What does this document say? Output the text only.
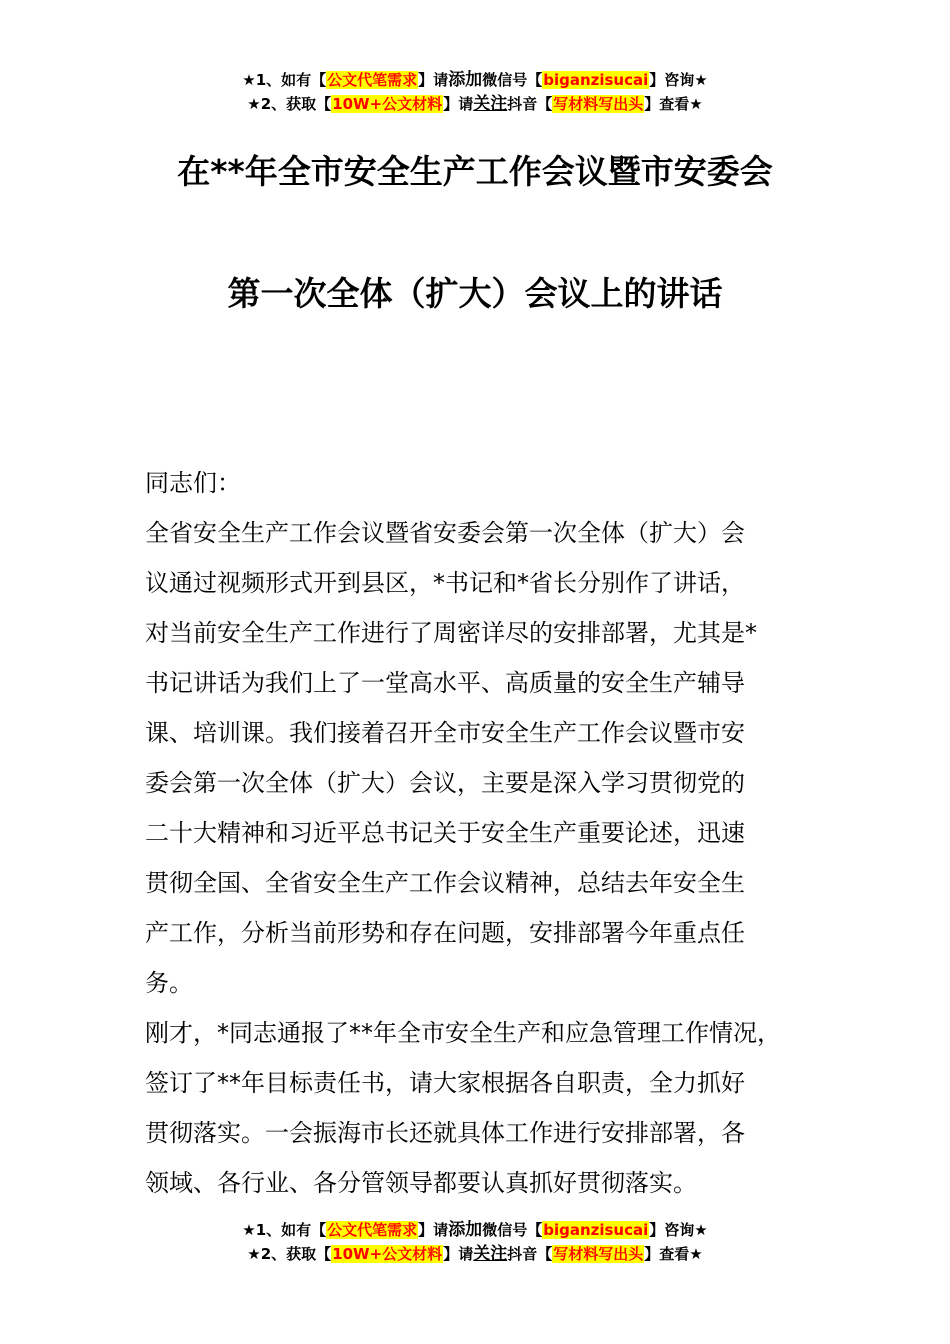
★1、如有【公文代笔需求】请添加微信号【biganzisucai】咨询★
★2、获取【10W+公文材料】请关注抖音【写材料写出头】查看★
在**年全市安全生产工作会议暨市安委会
第一次全体（扩大）会议上的讲话
同志们：
全省安全生产工作会议暨省安委会第一次全体（扩大）会
议通过视频形式开到县区，*书记和*省长分别作了讲话，
对当前安全生产工作进行了周密详尽的安排部署，尤其是*
书记讲话为我们上了一堂高水平、高质量的安全生产辅导
课、培训课。我们接着召开全市安全生产工作会议暨市安
委会第一次全体（扩大）会议，主要是深入学习贯彻党的
二十大精神和习近平总书记关于安全生产重要论述，迅速
贯彻全国、全省安全生产工作会议精神，总结去年安全生
产工作，分析当前形势和存在问题，安排部署今年重点任
务。
刚才，*同志通报了**年全市安全生产和应急管理工作情况，
签订了**年目标责任书，请大家根据各自职责，全力抓好
贯彻落实。一会振海市长还就具体工作进行安排部署，各
领域、各行业、各分管领导都要认真抓好贯彻落实。
★1、如有【公文代笔需求】请添加微信号【biganzisucai】咨询★
★2、获取【10W+公文材料】请关注抖音【写材料写出头】查看★
